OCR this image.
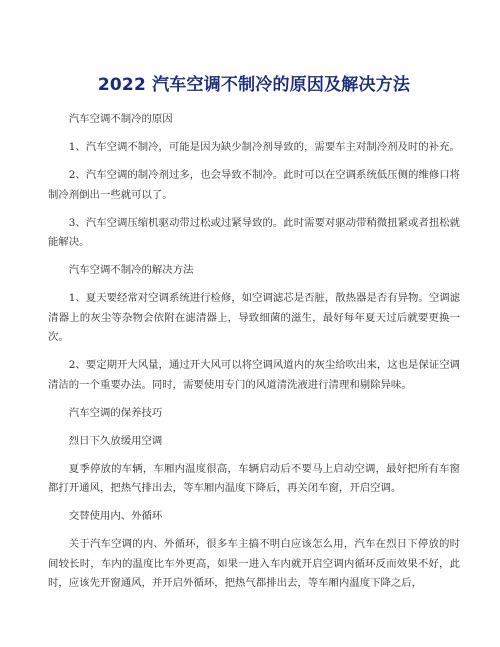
2022 汽车空调不制冷的原因及解决方法

汽车空调不制冷的原因

1、汽车空调不制冷，可能是因为缺少制冷剂导致的，需要车主对制冷剂及时的补充。

2、汽车空调的制冷剂过多，也会导致不制冷。此时可以在空调系统低压侧的维修口将制冷剂倒出一些就可以了。

3、汽车空调压缩机驱动带过松或过紧导致的。此时需要对驱动带稍微扭紧或者扭松就能解决。

汽车空调不制冷的解决方法

1、夏天要经常对空调系统进行检修，如空调滤芯是否脏，散热器是否有异物。空调滤清器上的灰尘等杂物会依附在滤清器上，导致细菌的滋生，最好每年夏天过后就要更换一次。

2、要定期开大风量，通过开大风可以将空调风道内的灰尘给吹出来，这也是保证空调清洁的一个重要办法。同时，需要使用专门的风道清洗液进行清理和剔除异味。

汽车空调的保养技巧

烈日下久放缓用空调

夏季停放的车辆，车厢内温度很高，车辆启动后不要马上启动空调，最好把所有车窗都打开通风，把热气排出去，等车厢内温度下降后，再关闭车窗，开启空调。

交替使用内、外循环

关于汽车空调的内、外循环，很多车主搞不明白应该怎么用，汽车在烈日下停放的时间较长时，车内的温度比车外更高，如果一进入车内就开启空调内循环反而效果不好，此时，应该先开窗通风，并开启外循环，把热气都排出去，等车厢内温度下降之后，
